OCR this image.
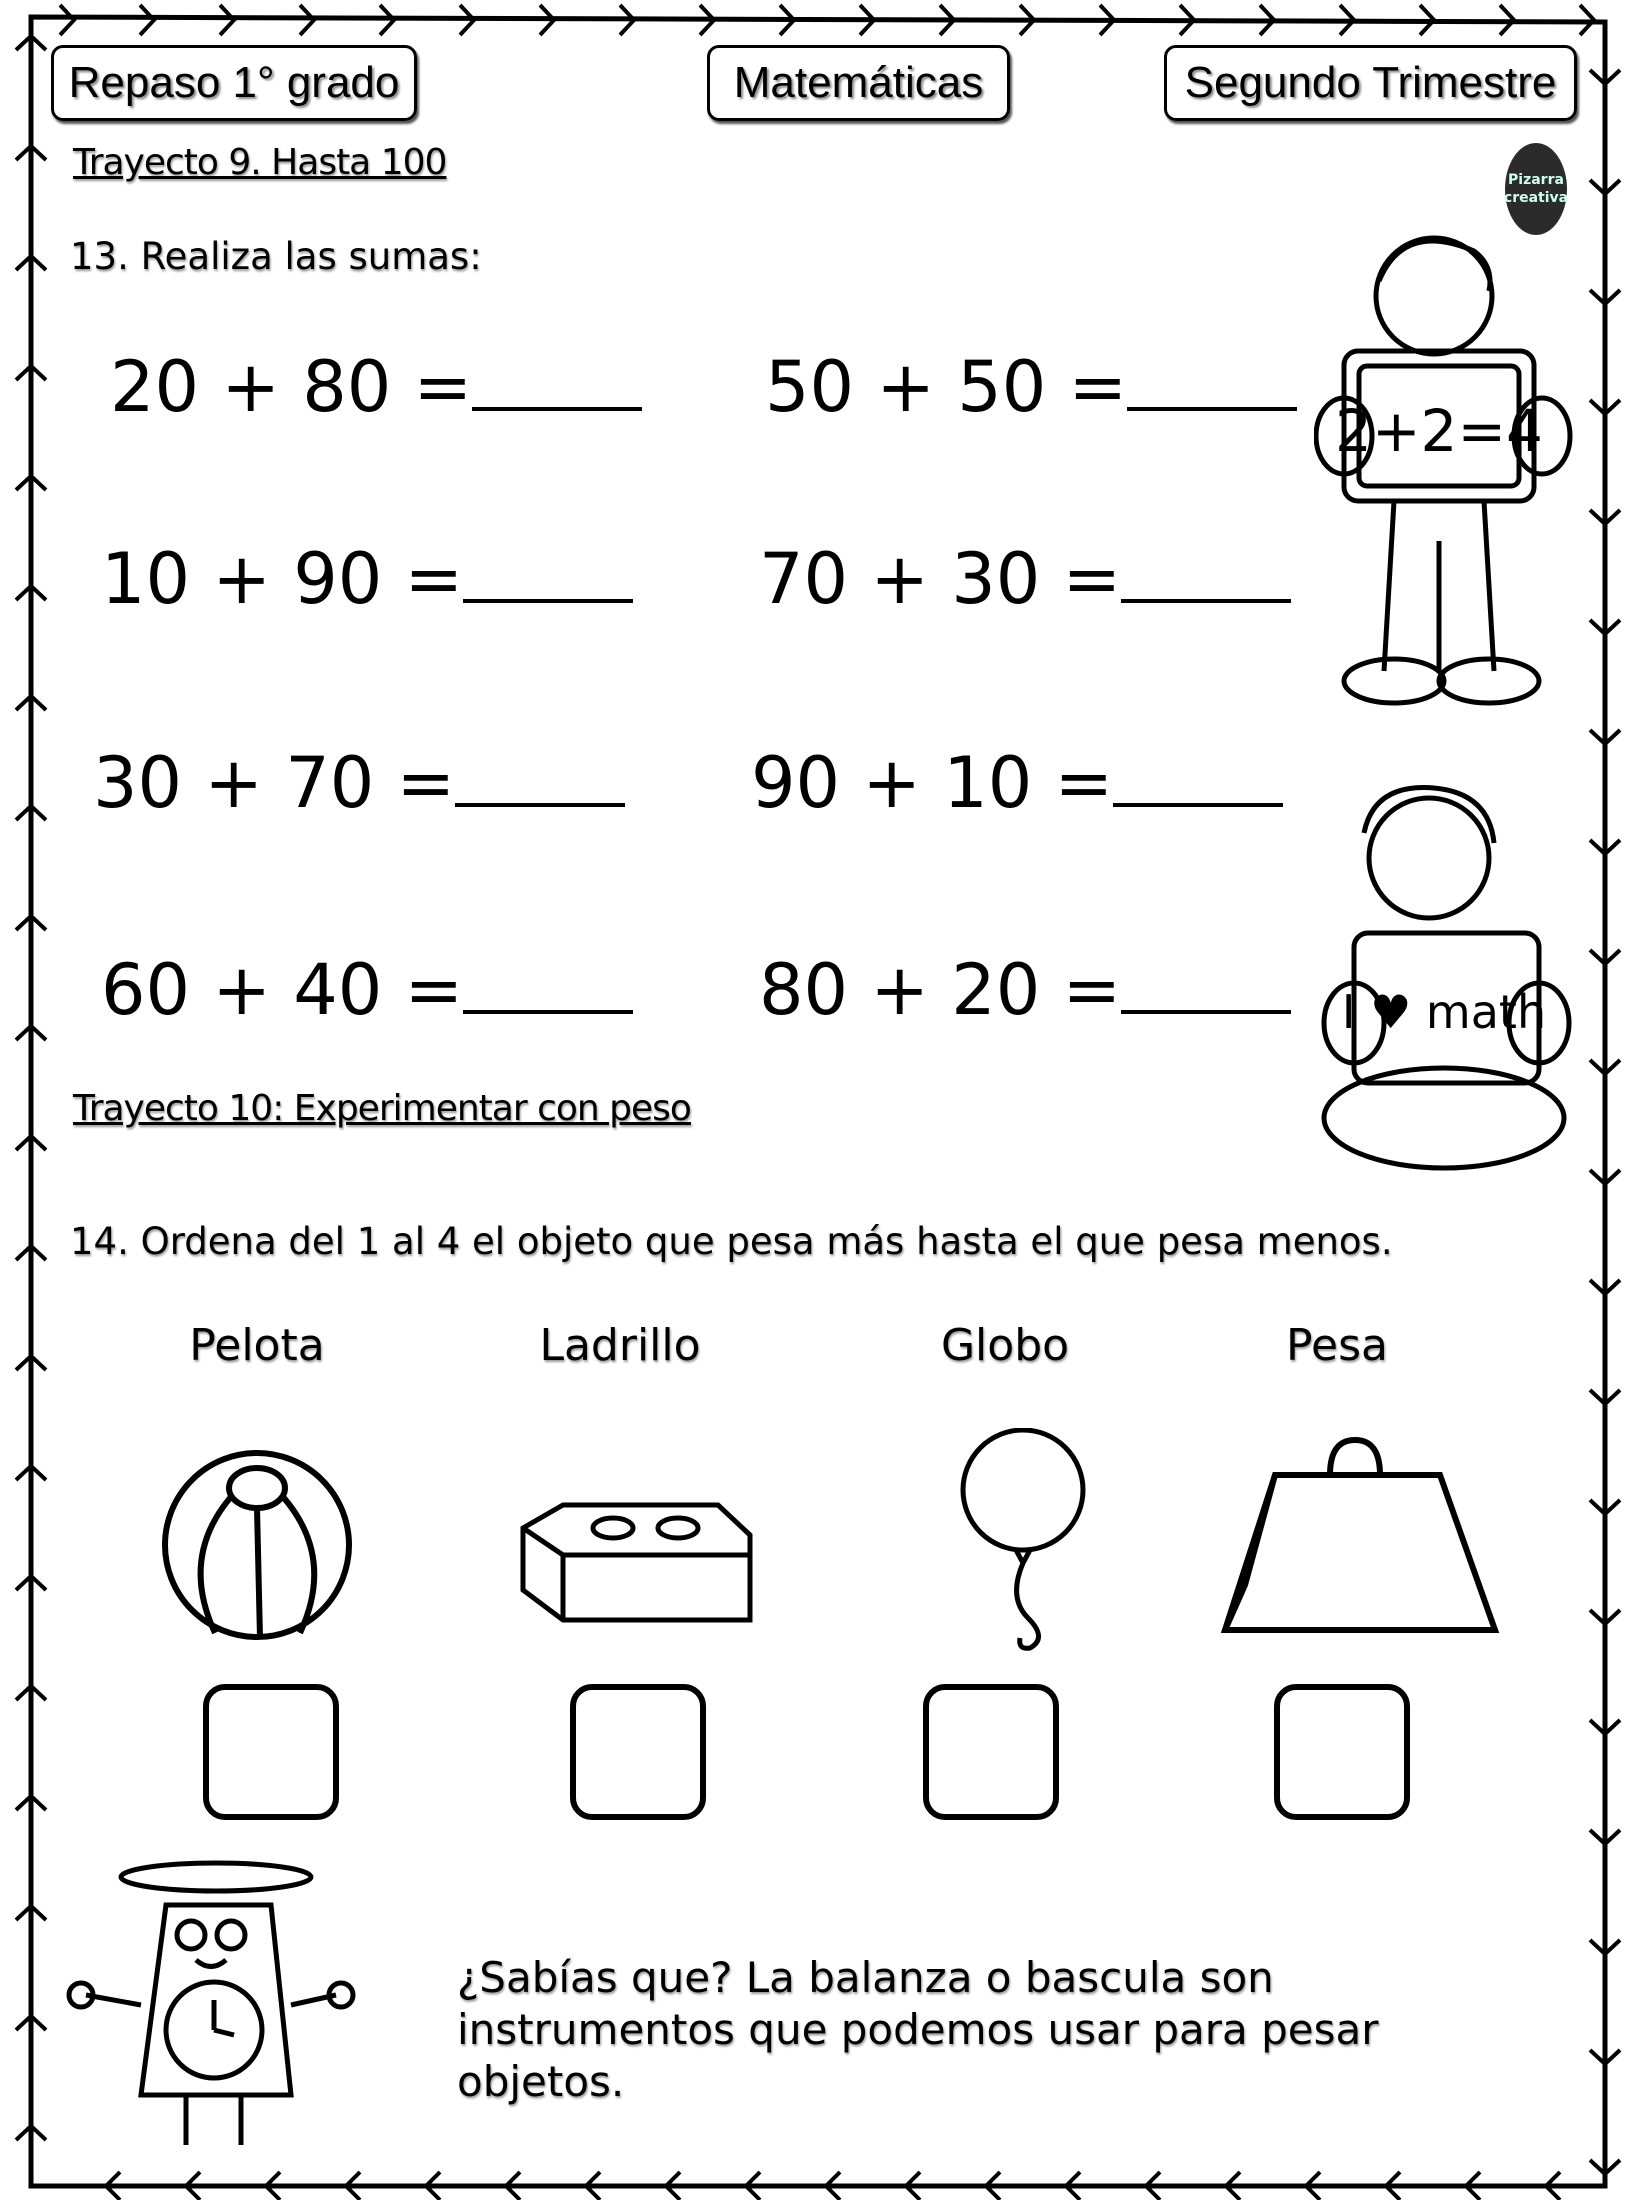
Repaso 1° grado	Matemáticas	Segundo Trimestre
Pizarra
creativa
Trayecto 9. Hasta 100
13. Realiza las sumas:
20 + 80 =	50 + 50 =
10 + 90 =	70 + 30 =
30 + 70 =	90 + 10 =
60 + 40 =	80 + 20 =
2+2=4
I ♥ math
Trayecto 10: Experimentar con peso
14. Ordena del 1 al 4 el objeto que pesa más hasta el que pesa menos.
Pelota	Ladrillo	Globo	Pesa
¿Sabías que? La balanza o bascula son instrumentos que podemos usar para pesar objetos.
